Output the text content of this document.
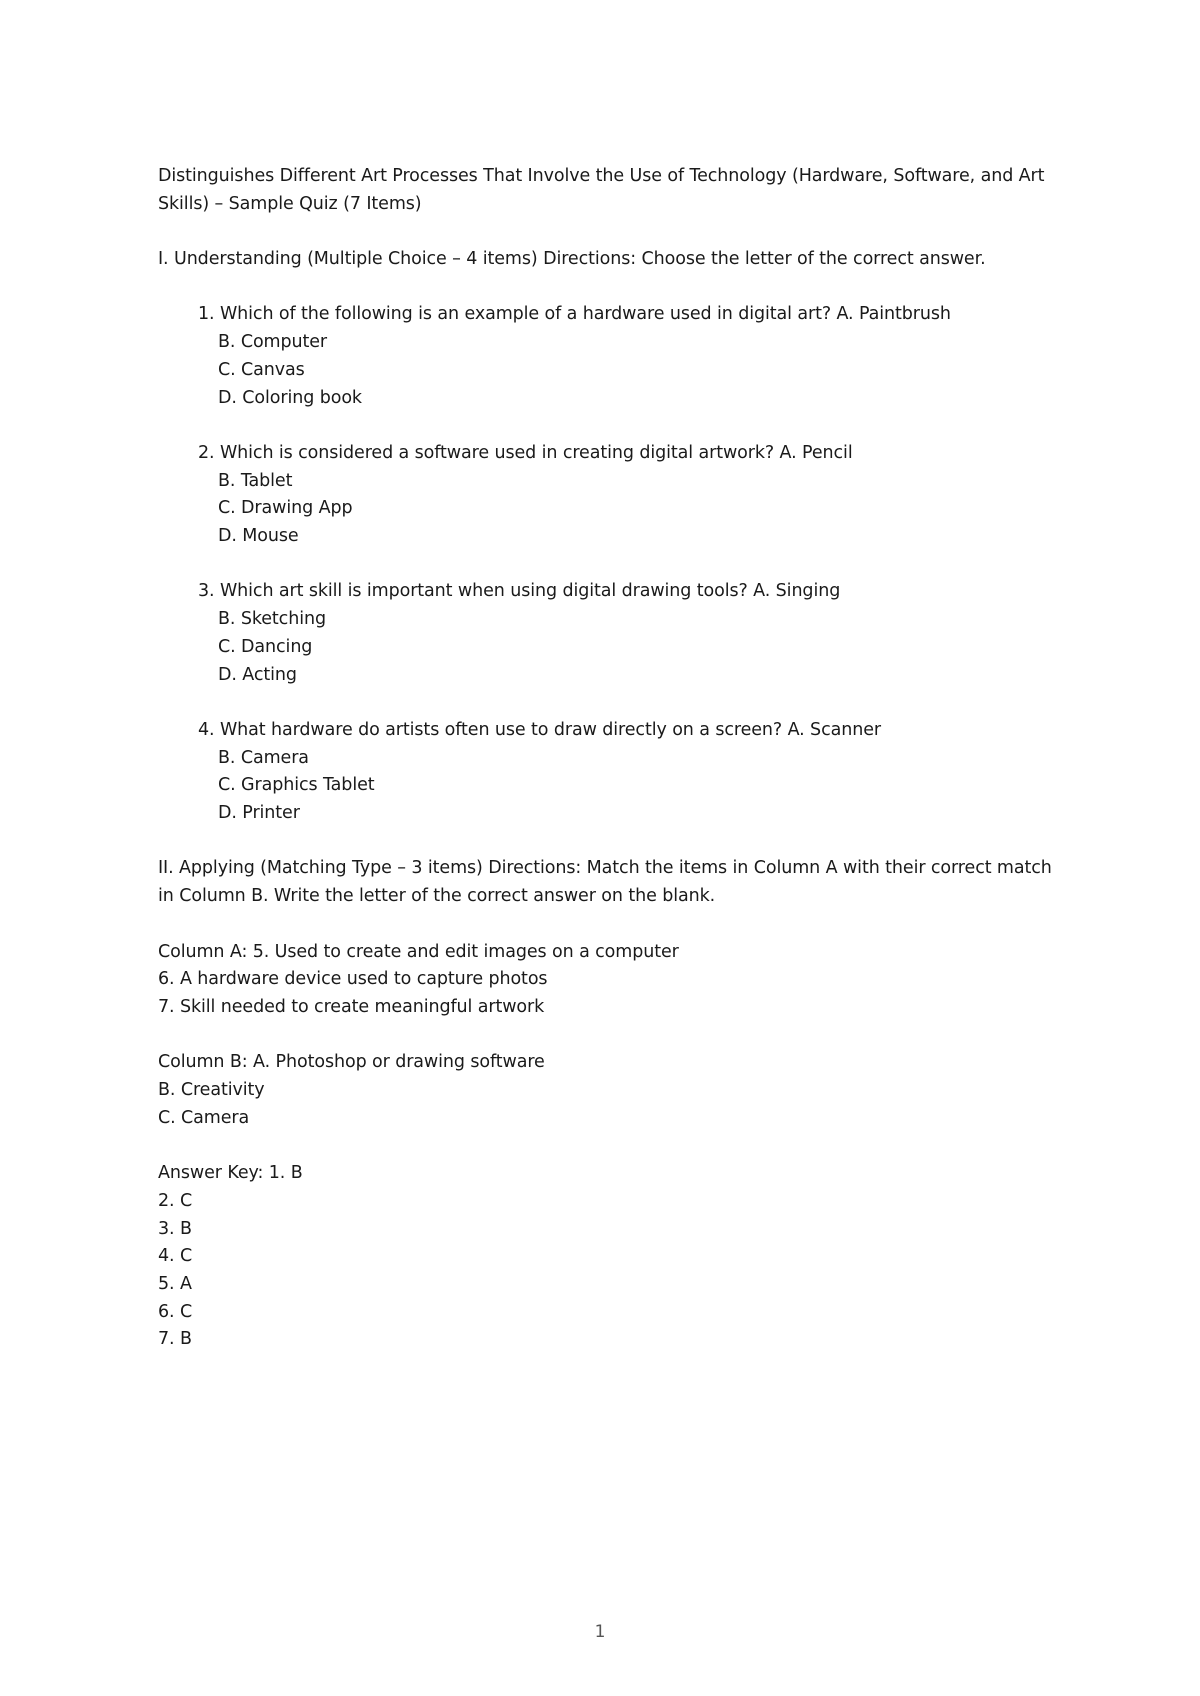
Distinguishes Different Art Processes That Involve the Use of Technology (Hardware, Software, and Art
Skills) – Sample Quiz (7 Items)
I. Understanding (Multiple Choice – 4 items) Directions: Choose the letter of the correct answer.
1. Which of the following is an example of a hardware used in digital art? A. Paintbrush
B. Computer
C. Canvas
D. Coloring book
2. Which is considered a software used in creating digital artwork? A. Pencil
B. Tablet
C. Drawing App
D. Mouse
3. Which art skill is important when using digital drawing tools? A. Singing
B. Sketching
C. Dancing
D. Acting
4. What hardware do artists often use to draw directly on a screen? A. Scanner
B. Camera
C. Graphics Tablet
D. Printer
II. Applying (Matching Type – 3 items) Directions: Match the items in Column A with their correct match
in Column B. Write the letter of the correct answer on the blank.
Column A: 5. Used to create and edit images on a computer
6. A hardware device used to capture photos
7. Skill needed to create meaningful artwork
Column B: A. Photoshop or drawing software
B. Creativity
C. Camera
Answer Key: 1. B
2. C
3. B
4. C
5. A
6. C
7. B
1
